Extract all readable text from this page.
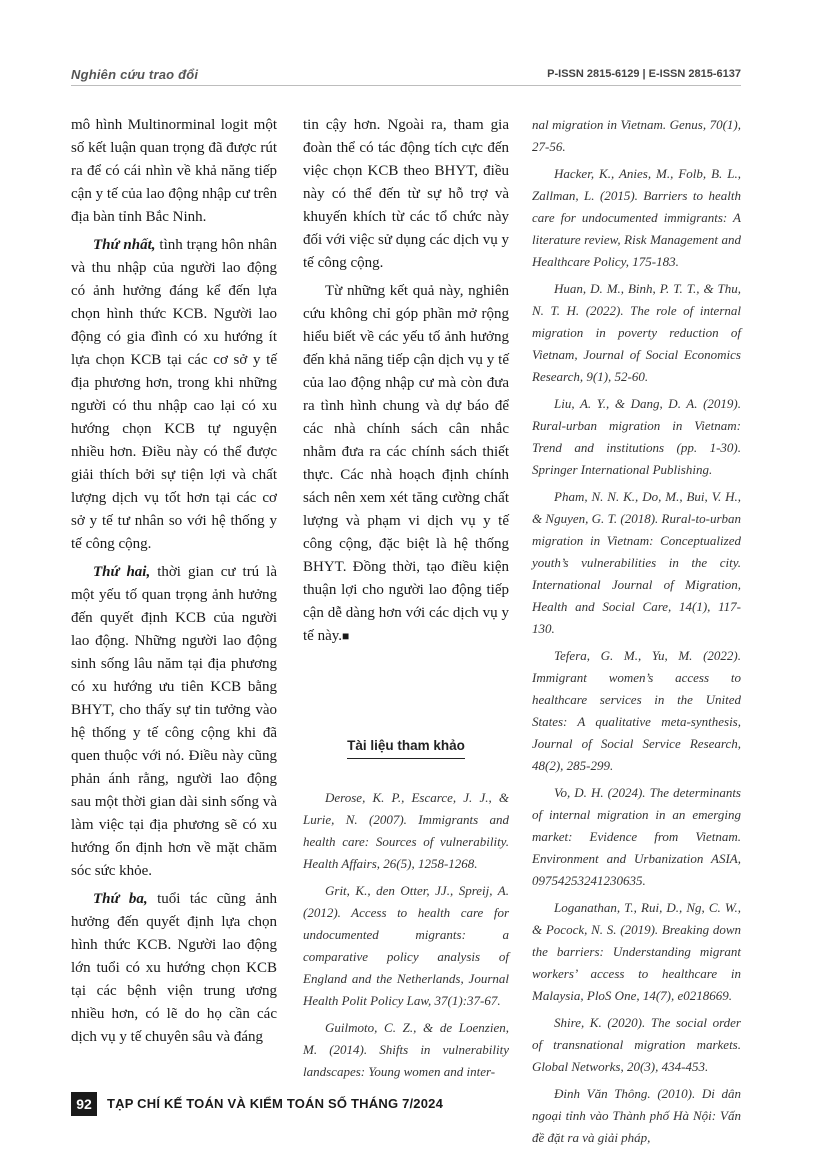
Nghiên cứu trao đổi	P-ISSN 2815-6129 | E-ISSN 2815-6137

mô hình Multinorminal logit một số kết luận quan trọng đã được rút ra để có cái nhìn về khả năng tiếp cận y tế của lao động nhập cư trên địa bàn tỉnh Bắc Ninh.

Thứ nhất, tình trạng hôn nhân và thu nhập của người lao động có ảnh hưởng đáng kể đến lựa chọn hình thức KCB. Người lao động có gia đình có xu hướng ít lựa chọn KCB tại các cơ sở y tế địa phương hơn, trong khi những người có thu nhập cao lại có xu hướng chọn KCB tự nguyện nhiều hơn. Điều này có thể được giải thích bởi sự tiện lợi và chất lượng dịch vụ tốt hơn tại các cơ sở y tế tư nhân so với hệ thống y tế công cộng.

Thứ hai, thời gian cư trú là một yếu tố quan trọng ảnh hưởng đến quyết định KCB của người lao động. Những người lao động sinh sống lâu năm tại địa phương có xu hướng ưu tiên KCB bằng BHYT, cho thấy sự tin tưởng vào hệ thống y tế công cộng khi đã quen thuộc với nó. Điều này cũng phản ánh rằng, người lao động sau một thời gian dài sinh sống và làm việc tại địa phương sẽ có xu hướng ổn định hơn về mặt chăm sóc sức khỏe.

Thứ ba, tuổi tác cũng ảnh hưởng đến quyết định lựa chọn hình thức KCB. Người lao động lớn tuổi có xu hướng chọn KCB tại các bệnh viện trung ương nhiều hơn, có lẽ do họ cần các dịch vụ y tế chuyên sâu và đáng

tin cậy hơn. Ngoài ra, tham gia đoàn thể có tác động tích cực đến việc chọn KCB theo BHYT, điều này có thể đến từ sự hỗ trợ và khuyến khích từ các tổ chức này đối với việc sử dụng các dịch vụ y tế công cộng.

Từ những kết quả này, nghiên cứu không chỉ góp phần mở rộng hiểu biết về các yếu tố ảnh hưởng đến khả năng tiếp cận dịch vụ y tế của lao động nhập cư mà còn đưa ra tình hình chung và dự báo để các nhà chính sách cân nhắc nhằm đưa ra các chính sách thiết thực. Các nhà hoạch định chính sách nên xem xét tăng cường chất lượng và phạm vi dịch vụ y tế công cộng, đặc biệt là hệ thống BHYT. Đồng thời, tạo điều kiện thuận lợi cho người lao động tiếp cận dễ dàng hơn với các dịch vụ y tế này.■

Tài liệu tham khảo

Derose, K. P., Escarce, J. J., & Lurie, N. (2007). Immigrants and health care: Sources of vulnerability. Health Affairs, 26(5), 1258-1268.

Grit, K., den Otter, JJ., Spreij, A. (2012). Access to health care for undocumented migrants: a comparative policy analysis of England and the Netherlands, Journal Health Polit Policy Law, 37(1):37-67.

Guilmoto, C. Z., & de Loenzien, M. (2014). Shifts in vulnerability landscapes: Young women and inter-

nal migration in Vietnam. Genus, 70(1), 27-56.

Hacker, K., Anies, M., Folb, B. L., Zallman, L. (2015). Barriers to health care for undocumented immigrants: A literature review, Risk Management and Healthcare Policy, 175-183.

Huan, D. M., Binh, P. T. T., & Thu, N. T. H. (2022). The role of internal migration in poverty reduction of Vietnam, Journal of Social Economics Research, 9(1), 52-60.

Liu, A. Y., & Dang, D. A. (2019). Rural-urban migration in Vietnam: Trend and institutions (pp. 1-30). Springer International Publishing.

Pham, N. N. K., Do, M., Bui, V. H., & Nguyen, G. T. (2018). Rural-to-urban migration in Vietnam: Conceptualized youth’s vulnerabilities in the city. International Journal of Migration, Health and Social Care, 14(1), 117-130.

Tefera, G. M., Yu, M. (2022). Immigrant women’s access to healthcare services in the United States: A qualitative meta-synthesis, Journal of Social Service Research, 48(2), 285-299.

Vo, D. H. (2024). The determinants of internal migration in an emerging market: Evidence from Vietnam. Environment and Urbanization ASIA, 09754253241230635.

Loganathan, T., Rui, D., Ng, C. W., & Pocock, N. S. (2019). Breaking down the barriers: Understanding migrant workers’ access to healthcare in Malaysia, PloS One, 14(7), e0218669.

Shire, K. (2020). The social order of transnational migration markets. Global Networks, 20(3), 434-453.

Đinh Văn Thông. (2010). Di dân ngoại tỉnh vào Thành phố Hà Nội: Vấn đề đặt ra và giải pháp,

92	TẠP CHÍ KẾ TOÁN VÀ KIỂM TOÁN SỐ THÁNG 7/2024
